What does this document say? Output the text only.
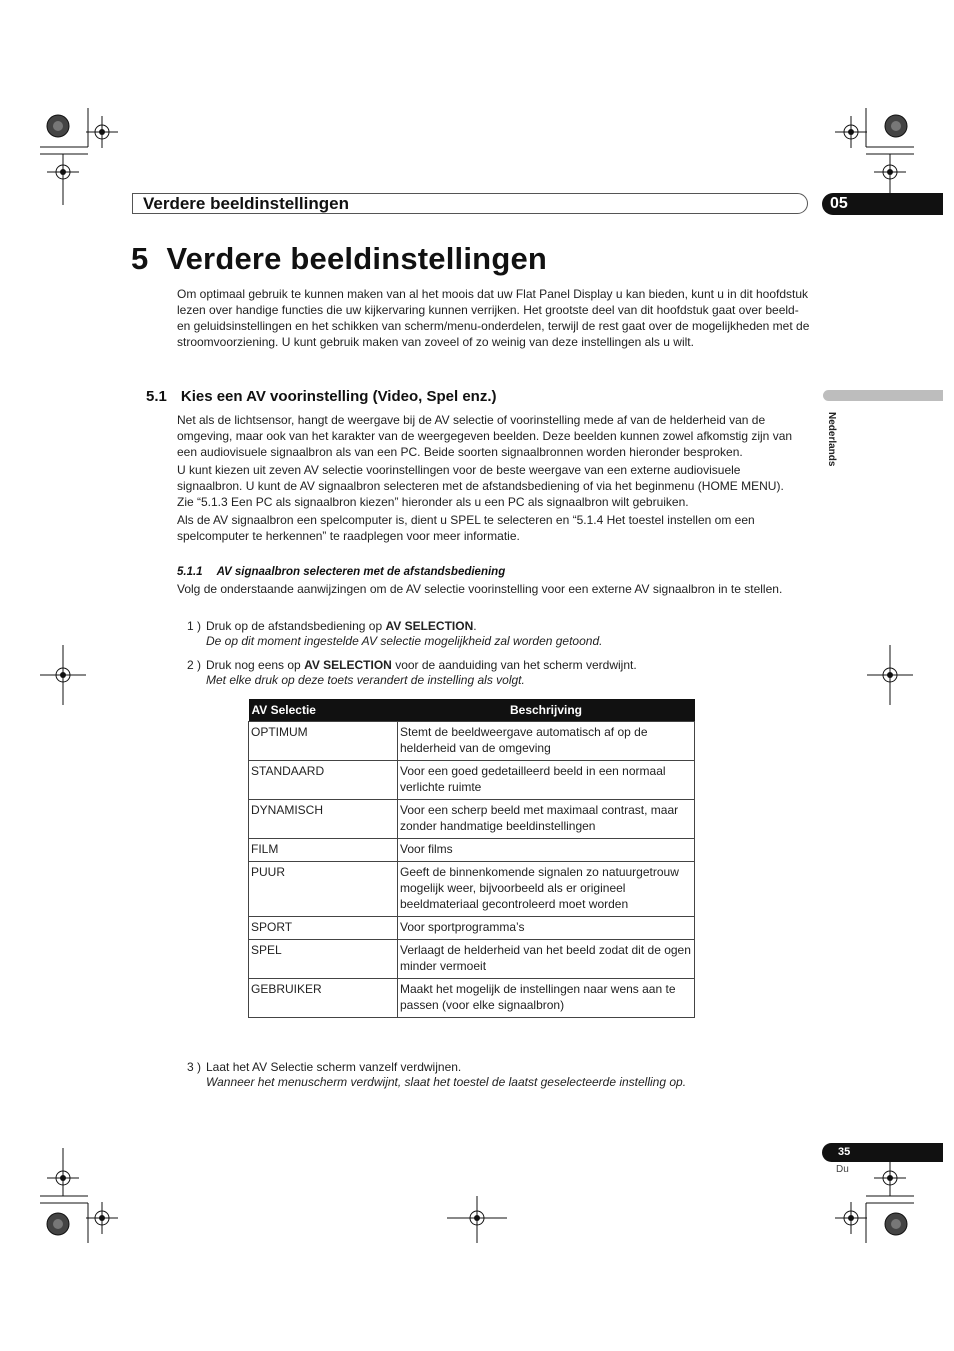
Verdere beeldinstellingen	05
Nederlands
5 Verdere beeldinstellingen
Om optimaal gebruik te kunnen maken van al het moois dat uw Flat Panel Display u kan bieden, kunt u in dit hoofdstuk lezen over handige functies die uw kijkervaring kunnen verrijken. Het grootste deel van dit hoofdstuk gaat over beeld- en geluidsinstellingen en het schikken van scherm/menu-onderdelen, terwijl de rest gaat over de mogelijkheden met de stroomvoorziening. U kunt gebruik maken van zoveel of zo weinig van deze instellingen als u wilt.
5.1 Kies een AV voorinstelling (Video, Spel enz.)
Net als de lichtsensor, hangt de weergave bij de AV selectie of voorinstelling mede af van de helderheid van de omgeving, maar ook van het karakter van de weergegeven beelden. Deze beelden kunnen zowel afkomstig zijn van een audiovisuele signaalbron als van een PC. Beide soorten signaalbronnen worden hieronder besproken.
U kunt kiezen uit zeven AV selectie voorinstellingen voor de beste weergave van een externe audiovisuele signaalbron. U kunt de AV signaalbron selecteren met de afstandsbediening of via het beginmenu (HOME MENU). Zie “5.1.3 Een PC als signaalbron kiezen” hieronder als u een PC als signaalbron wilt gebruiken.
Als de AV signaalbron een spelcomputer is, dient u SPEL te selecteren en “5.1.4 Het toestel instellen om een spelcomputer te herkennen” te raadplegen voor meer informatie.
5.1.1 AV signaalbron selecteren met de afstandsbediening
Volg de onderstaande aanwijzingen om de AV selectie voorinstelling voor een externe AV signaalbron in te stellen.
1 ) Druk op de afstandsbediening op AV SELECTION.
De op dit moment ingestelde AV selectie mogelijkheid zal worden getoond.
2 ) Druk nog eens op AV SELECTION voor de aanduiding van het scherm verdwijnt.
Met elke druk op deze toets verandert de instelling als volgt.
AV Selectie	Beschrijving
OPTIMUM	Stemt de beeldweergave automatisch af op de helderheid van de omgeving
STANDAARD	Voor een goed gedetailleerd beeld in een normaal verlichte ruimte
DYNAMISCH	Voor een scherp beeld met maximaal contrast, maar zonder handmatige beeldinstellingen
FILM	Voor films
PUUR	Geeft de binnenkomende signalen zo natuurgetrouw mogelijk weer, bijvoorbeeld als er origineel beeldmateriaal gecontroleerd moet worden
SPORT	Voor sportprogramma’s
SPEL	Verlaagt de helderheid van het beeld zodat dit de ogen minder vermoeit
GEBRUIKER	Maakt het mogelijk de instellingen naar wens aan te passen (voor elke signaalbron)
3 ) Laat het AV Selectie scherm vanzelf verdwijnen.
Wanneer het menuscherm verdwijnt, slaat het toestel de laatst geselecteerde instelling op.
35
Du
